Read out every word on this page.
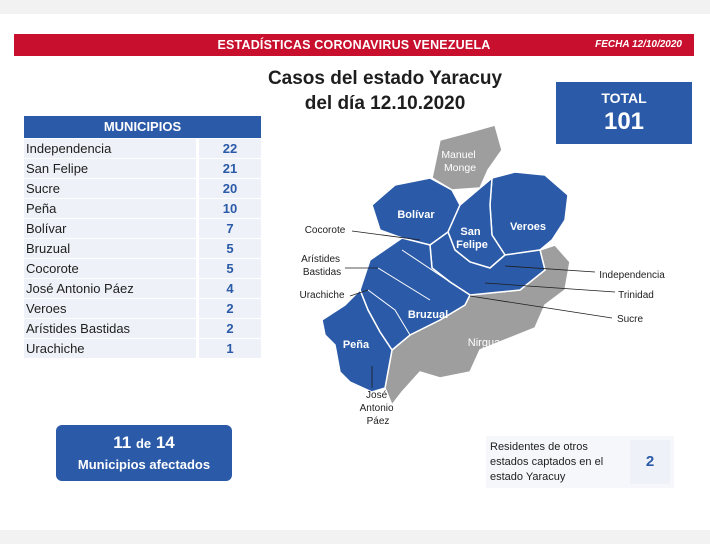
ESTADÍSTICAS CORONAVIRUS VENEZUELA	FECHA 12/10/2020
Casos del estado Yaracuy
del día 12.10.2020	TOTAL
101
MUNICIPIOS
Independencia	22
San Felipe	21
Sucre	20
Peña	10
Bolívar	7
Bruzual	5
Cocorote	5
José Antonio Páez	4
Veroes	2
Arístides Bastidas	2
Urachiche	1
11 de 14
Municipios afectados
Residentes de otros estados captados en el estado Yaracuy
2
Manuel Monge
Bolívar
San Felipe
Veroes
Bruzual
Peña	Nirgua
Cocorote
Arístides Bastidas
Urachiche
Independencia
Trinidad
Sucre
José Antonio Páez
